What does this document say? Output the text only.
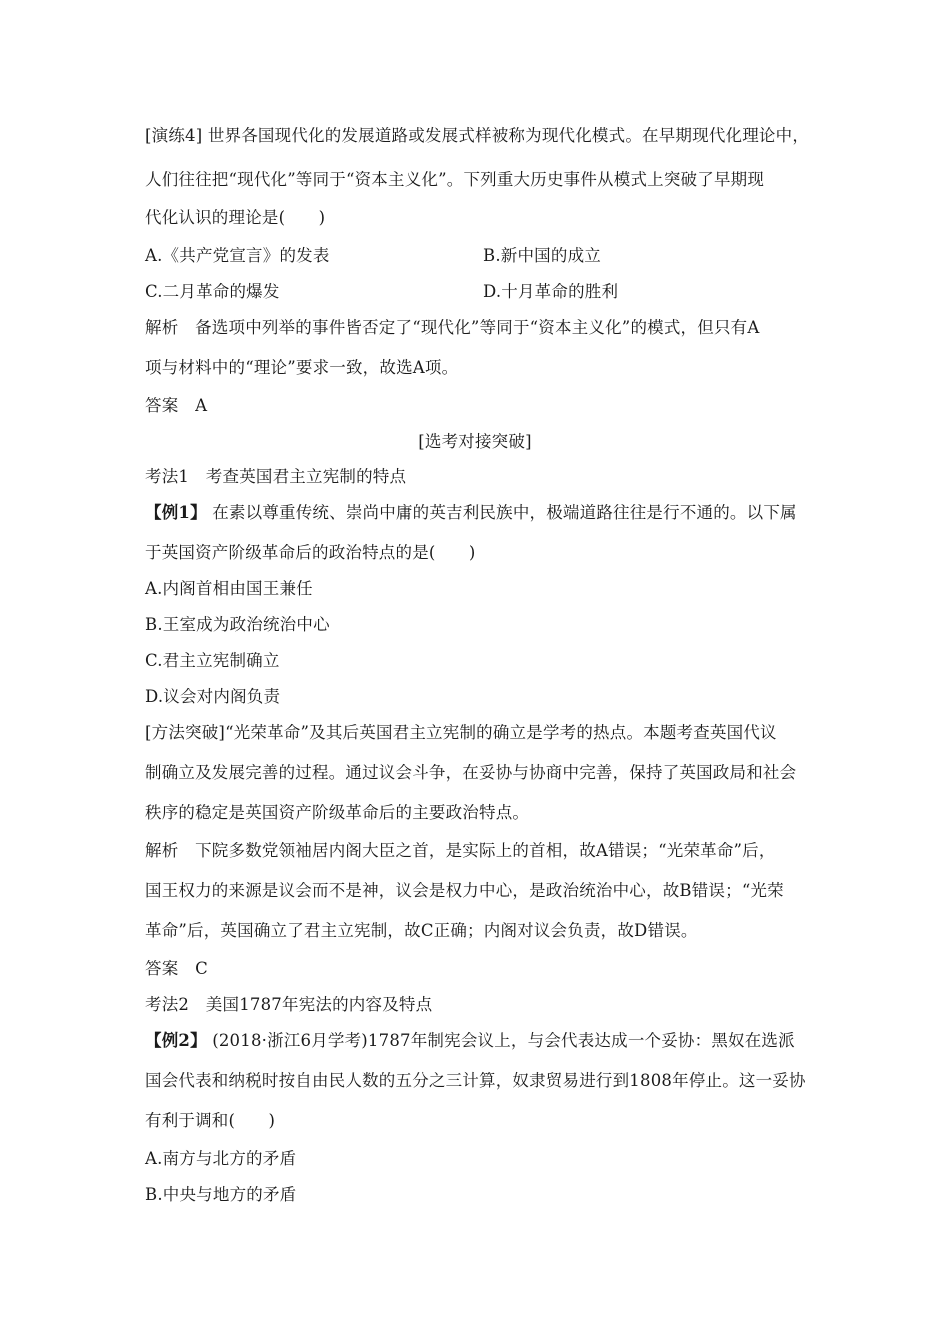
[演练4] 世界各国现代化的发展道路或发展式样被称为现代化模式。在早期现代化理论中，
人们往往把“现代化”等同于“资本主义化”。下列重大历史事件从模式上突破了早期现
代化认识的理论是(　　)
A.《共产党宣言》的发表	B.新中国的成立
C.二月革命的爆发	D.十月革命的胜利
解析　备选项中列举的事件皆否定了“现代化”等同于“资本主义化”的模式，但只有A
项与材料中的“理论”要求一致，故选A项。
答案　A
[选考对接突破]
考法1　考查英国君主立宪制的特点
【例1】 在素以尊重传统、崇尚中庸的英吉利民族中，极端道路往往是行不通的。以下属
于英国资产阶级革命后的政治特点的是(　　)
A.内阁首相由国王兼任
B.王室成为政治统治中心
C.君主立宪制确立
D.议会对内阁负责
[方法突破]“光荣革命”及其后英国君主立宪制的确立是学考的热点。本题考查英国代议
制确立及发展完善的过程。通过议会斗争，在妥协与协商中完善，保持了英国政局和社会
秩序的稳定是英国资产阶级革命后的主要政治特点。
解析　下院多数党领袖居内阁大臣之首，是实际上的首相，故A错误；“光荣革命”后，
国王权力的来源是议会而不是神，议会是权力中心，是政治统治中心，故B错误；“光荣
革命”后，英国确立了君主立宪制，故C正确；内阁对议会负责，故D错误。
答案　C
考法2　美国1787年宪法的内容及特点
【例2】 (2018·浙江6月学考)1787年制宪会议上，与会代表达成一个妥协：黑奴在选派
国会代表和纳税时按自由民人数的五分之三计算，奴隶贸易进行到1808年停止。这一妥协
有利于调和(　　)
A.南方与北方的矛盾
B.中央与地方的矛盾
